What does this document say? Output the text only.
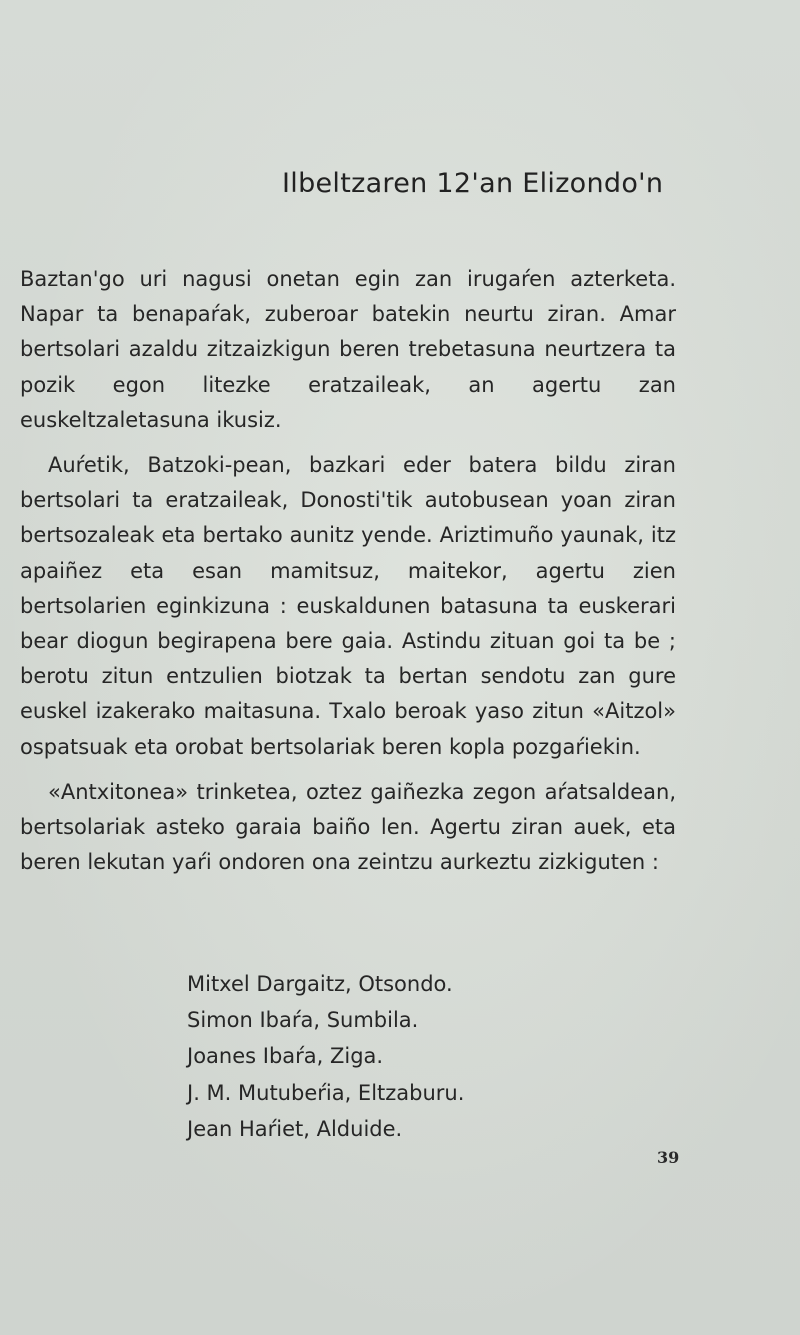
Ilbeltzaren 12'an Elizondo'n

Baztan'go uri nagusi onetan egin zan irugaŕen azterketa. Napar ta benapaŕak, zuberoar batekin neurtu ziran. Amar bertsolari azaldu zitzaizkigun beren trebetasuna neurtzera ta pozik egon litezke eratzaileak, an agertu zan euskeltzaletasuna ikusiz.

Auŕetik, Batzoki-pean, bazkari eder batera bildu ziran bertsolari ta eratzaileak, Donosti'tik autobusean yoan ziran bertsozaleak eta bertako aunitz yende. Ariztimuño yaunak, itz apaiñez eta esan mamitsuz, maitekor, agertu zien bertsolarien eginkizuna : euskaldunen batasuna ta euskerari bear diogun begirapena bere gaia. Astindu zituan goi ta be ; berotu zitun entzulien biotzak ta bertan sendotu zan gure euskel izakerako maitasuna. Txalo beroak yaso zitun «Aitzol» ospatsuak eta orobat bertsolariak beren kopla pozgaŕiekin.

«Antxitonea» trinketea, oztez gaiñezka zegon aŕatsaldean, bertsolariak asteko garaia baiño len. Agertu ziran auek, eta beren lekutan yaŕi ondoren ona zeintzu aurkeztu zizkiguten :

Mitxel Dargaitz, Otsondo.
Simon Ibaŕa, Sumbila.
Joanes Ibaŕa, Ziga.
J. M. Mutubeŕia, Eltzaburu.
Jean Haŕiet, Alduide.
39
